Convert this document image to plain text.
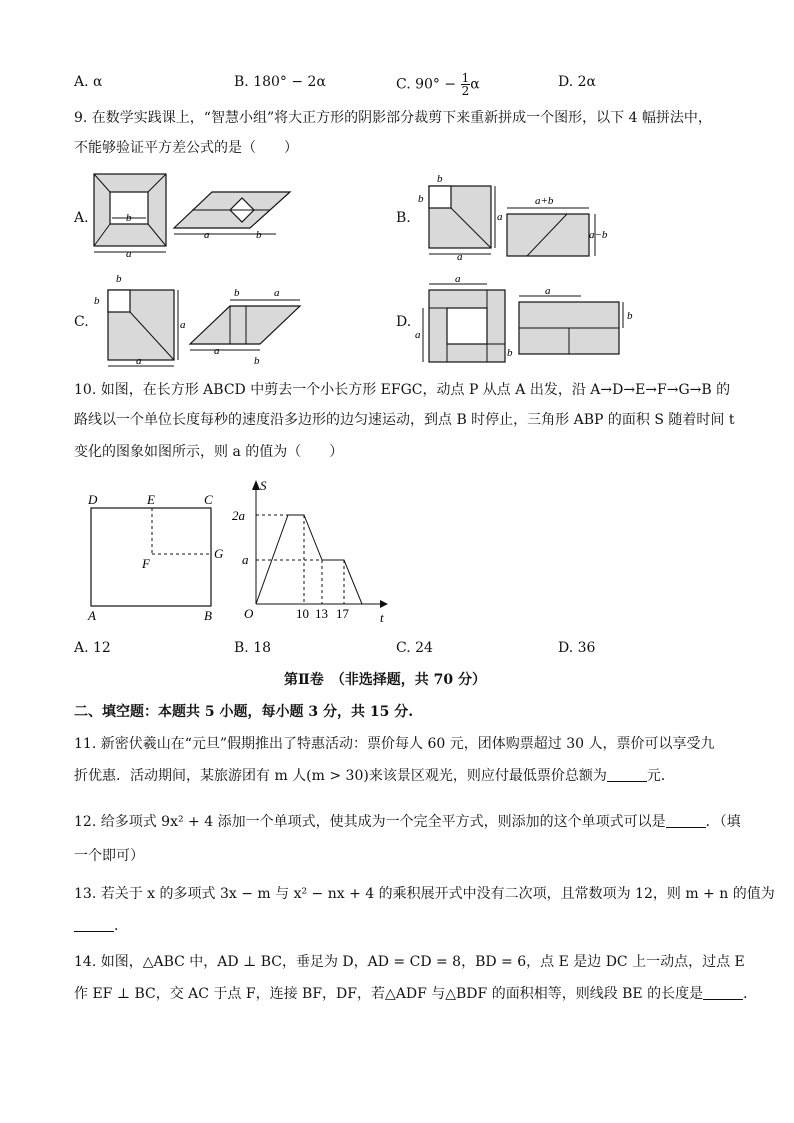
A. α	B. 180° − 2α	C. $90^\circ - \frac{1}{2}$ α	D. 2α
9. 在数学实践课上，“智慧小组”将大正方形的阴影部分裁剪下来重新拼成一个图形，以下 4 幅拼法中，
不能够验证平方差公式的是（　　）
A.	b
a
a	b
B.
b
b
a
a
a+b
a−b
C.
b
b
a
a
b	a
a
b
D.
a
a
b
a
b
10. 如图，在长方形 ABCD 中剪去一个小长方形 EFGC，动点 P 从点 A 出发，沿 A→D→E→F→G→B 的
路线以一个单位长度每秒的速度沿多边形的边匀速运动，到点 B 时停止，三角形 ABP 的面积 S 随着时间 t
变化的图象如图所示，则 a 的值为（　　）
D	E	C
F
G
A	B
S
t
O
2a
a
10 13 17
A. 12	B. 18	C. 24	D. 36
第Ⅱ卷　（非选择题，共 70 分）
二、填空题：本题共 5 小题，每小题 3 分，共 15 分.
11. 新密伏羲山在“元旦”假期推出了特惠活动：票价每人 60 元，团体购票超过 30 人，票价可以享受九
折优惠．活动期间，某旅游团有 m 人(m > 30)来该景区观光，则应付最低票价总额为	元．
12. 给多项式 9x² + 4 添加一个单项式，使其成为一个完全平方式，则添加的这个单项式可以是	．（填
一个即可）
13. 若关于 x 的多项式 3x − m 与 x² − nx + 4 的乘积展开式中没有二次项，且常数项为 12，则 m + n 的值为
．
14. 如图，△ABC 中，AD ⊥ BC，垂足为 D，AD = CD = 8，BD = 6，点 E 是边 DC 上一动点，过点 E
作 EF ⊥ BC，交 AC 于点 F，连接 BF，DF，若△ADF 与△BDF 的面积相等，则线段 BE 的长度是	．
